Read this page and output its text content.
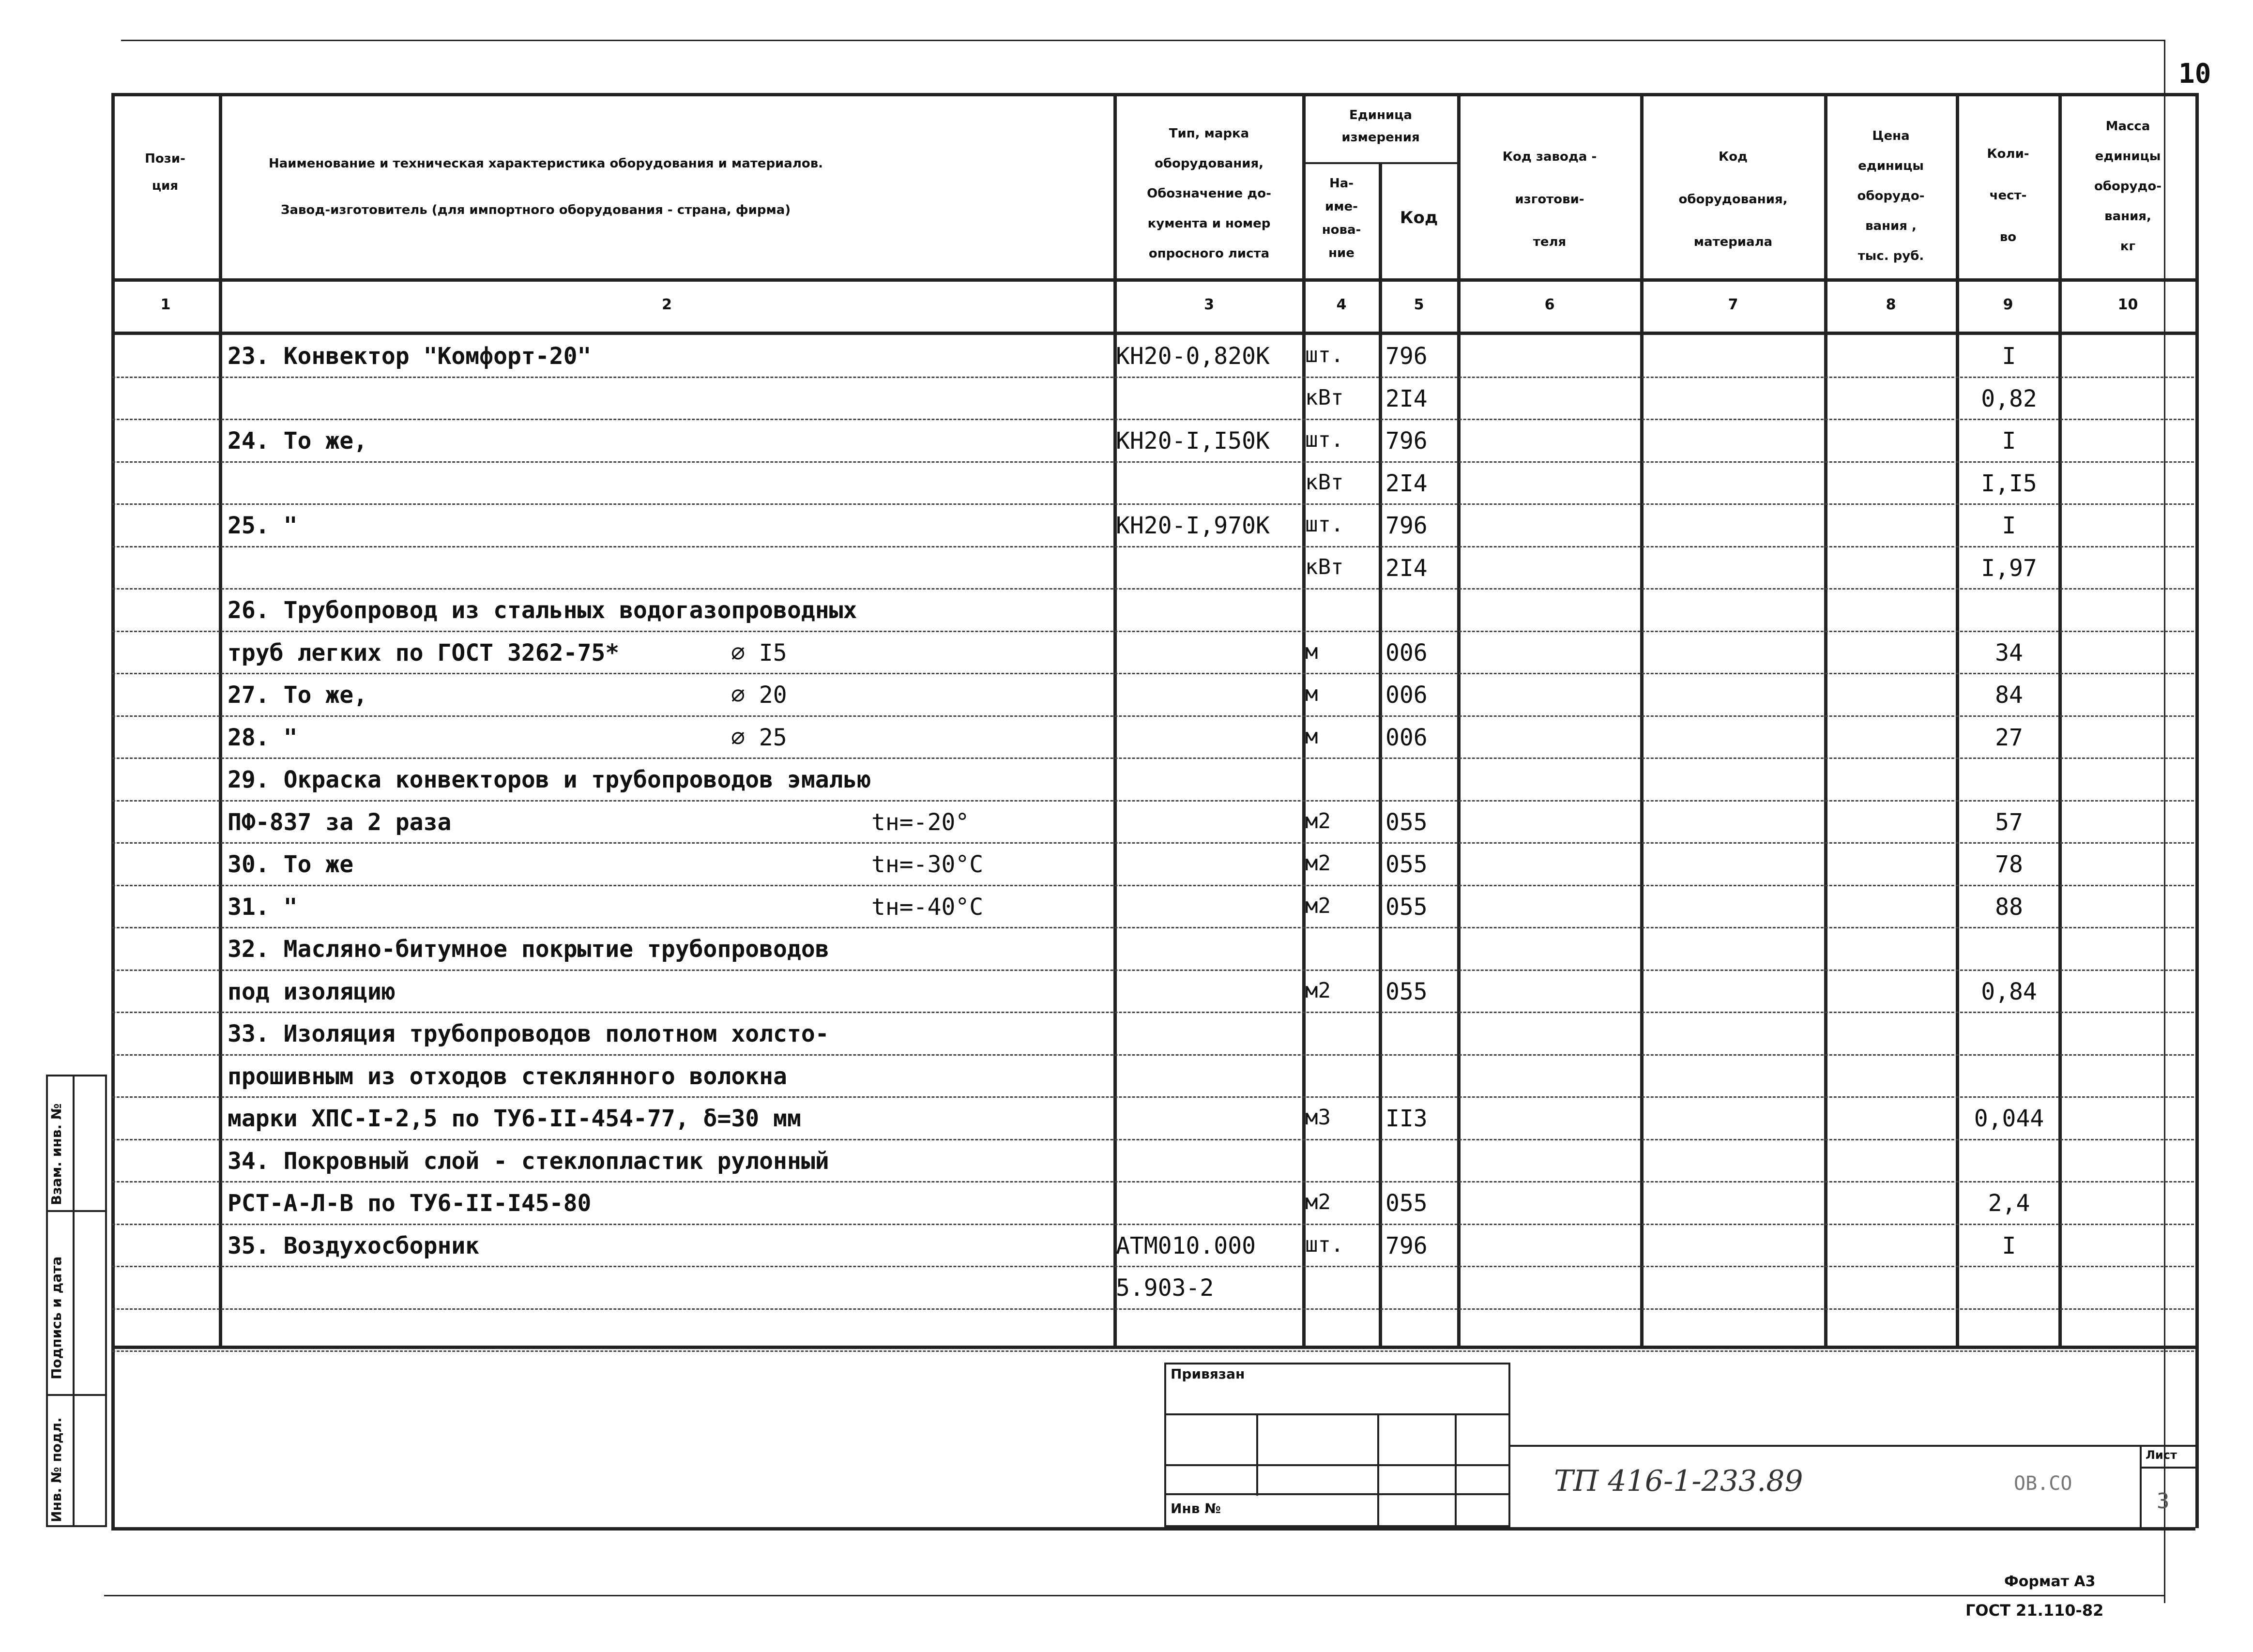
10
Пози-
ция
Наименование и техническая характеристика оборудования и материалов.
Завод-изготовитель (для импортного оборудования - страна, фирма)
Тип, марка
оборудования,
Обозначение до-
кумента и номер
опросного листа
Единица
измерения
На-
име-
нова-
ние
Код
Код завода -
изготови-
теля
Код
оборудования,
материала
Цена
единицы
оборудо-
вания ,
тыс. руб.
Коли-
чест-
во
Масса
единицы
оборудо-
вания,
кг
1	2	3	4	5	6	7	8	9	10
23. Конвектор "Комфорт-20"	КН20-0,820К шт. 796	I
кВт 2I4	0,82
24. То же,	КН20-I,I50К шт. 796	I
кВт 2I4	I,I5
25. "	КН20-I,970К шт. 796	I
кВт 2I4	I,97
26. Трубопровод из стальных водогазопроводных
труб легких по ГОСТ 3262-75*	⌀ I5	м	006	34
27. То же,	⌀ 20	м	006	84
28. "	⌀ 25	м	006	27
29. Окраска конвекторов и трубопроводов эмалью
ПФ-837 за 2 раза	tн=-20°	м2 055	57
30. То же	tн=-30°С	м2 055	78
31. "	tн=-40°С	м2 055	88
32. Масляно-битумное покрытие трубопроводов
под изоляцию	м2 055	0,84
33. Изоляция трубопроводов полотном холсто-
прошивным из отходов стеклянного волокна
марки ХПС-I-2,5 по ТУ6-II-454-77, δ=30 мм	м3 II3	0,044
34. Покровный слой - стеклопластик рулонный
РСТ-А-Л-В по ТУ6-II-I45-80	м2 055	2,4
35. Воздухосборник	АТМ010.000 шт. 796	I
5.903-2
Привязан
Инв №
ТП 416-1-233.89	ОВ.СО
Лист
3
Взам. инв. №
Подпись и дата
Инв. № подл.
Формат А3
ГОСТ 21.110-82
